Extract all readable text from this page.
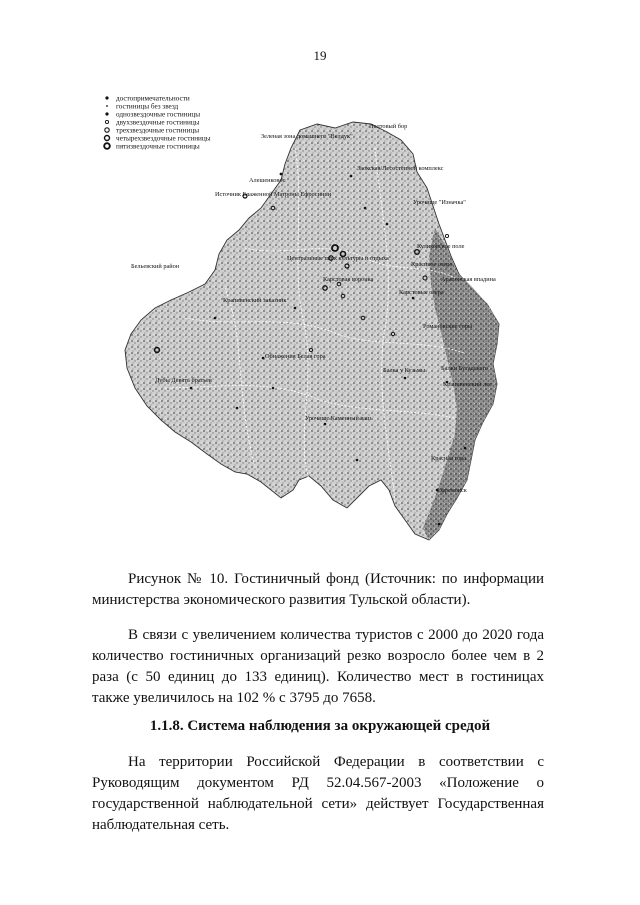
19
достопримечательности
гостиницы без звезд
однозвездочные гостиницы
двухзвездочные гостиницы
трехзвездочные гостиницы
четырехзвездочные гостиницы
пятизвездочные гостиницы
Зеленая зона домашнего "Велдук"
Полтовый бор
Заокская/Лесостепной комплекс
Алешенковос
Источник Блаженной Матроны Ефросинии
Урочище "Изначка"
Центральные парк культуры и отдыха
Куликовское поле
Карстовая воронка	Араповская впадина
Красивое озеро
Карстовые озера
Крапивенский заказник
Романовские горы
Обнажения Белая гора
Балка у Кузьмы	Балки Бугадского
Крапивенский лес
Дубы Девять братьев
Урочище Каменный ваш
Красная гора
Ефремовск
Бельевский район

Рисунок № 10. Гостиничный фонд (Источник: по информации министерства экономического развития Тульской области).

В связи с увеличением количества туристов с 2000 до 2020 года количество гостиничных организаций резко возросло более чем в 2 раза (с 50 единиц до 133 единиц). Количество мест в гостиницах также увеличилось на 102 % с 3795 до 7658.

1.1.8. Система наблюдения за окружающей средой

На территории Российской Федерации в соответствии с Руководящим документом РД 52.04.567-2003 «Положение о государственной наблюдательной сети» действует Государственная наблюдательная сеть.
